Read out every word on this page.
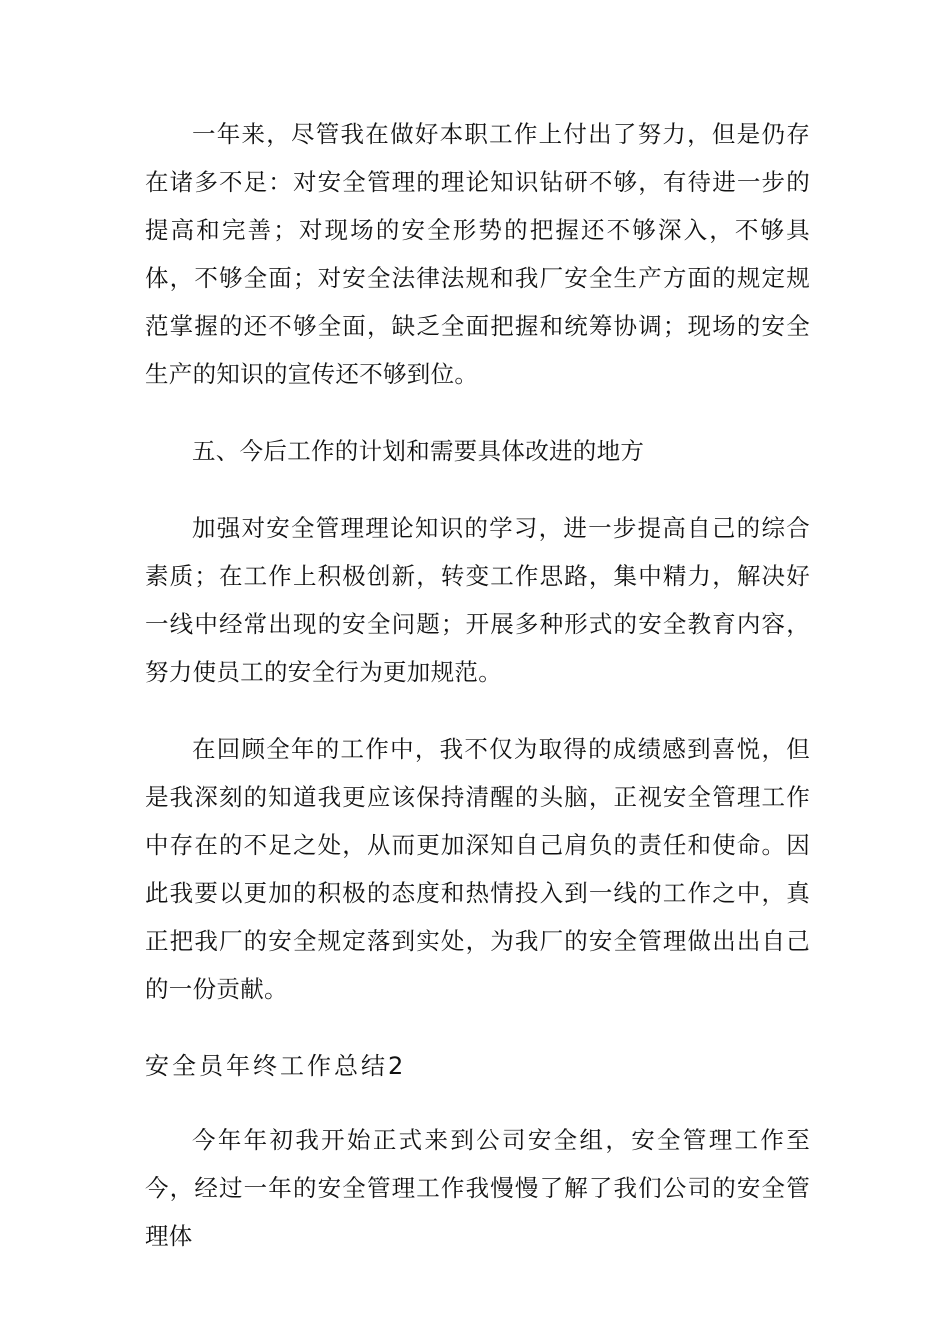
一年来，尽管我在做好本职工作上付出了努力，但是仍存在诸多不足：对安全管理的理论知识钻研不够，有待进一步的提高和完善；对现场的安全形势的把握还不够深入，不够具体，不够全面；对安全法律法规和我厂安全生产方面的规定规范掌握的还不够全面，缺乏全面把握和统筹协调；现场的安全生产的知识的宣传还不够到位。

五、今后工作的计划和需要具体改进的地方

加强对安全管理理论知识的学习，进一步提高自己的综合素质；在工作上积极创新，转变工作思路，集中精力，解决好一线中经常出现的安全问题；开展多种形式的安全教育内容，努力使员工的安全行为更加规范。

在回顾全年的工作中，我不仅为取得的成绩感到喜悦，但是我深刻的知道我更应该保持清醒的头脑，正视安全管理工作中存在的不足之处，从而更加深知自己肩负的责任和使命。因此我要以更加的积极的态度和热情投入到一线的工作之中，真正把我厂的安全规定落到实处，为我厂的安全管理做出出自己的一份贡献。

安全员年终工作总结2

今年年初我开始正式来到公司安全组，安全管理工作至今，经过一年的安全管理工作我慢慢了解了我们公司的安全管理体
